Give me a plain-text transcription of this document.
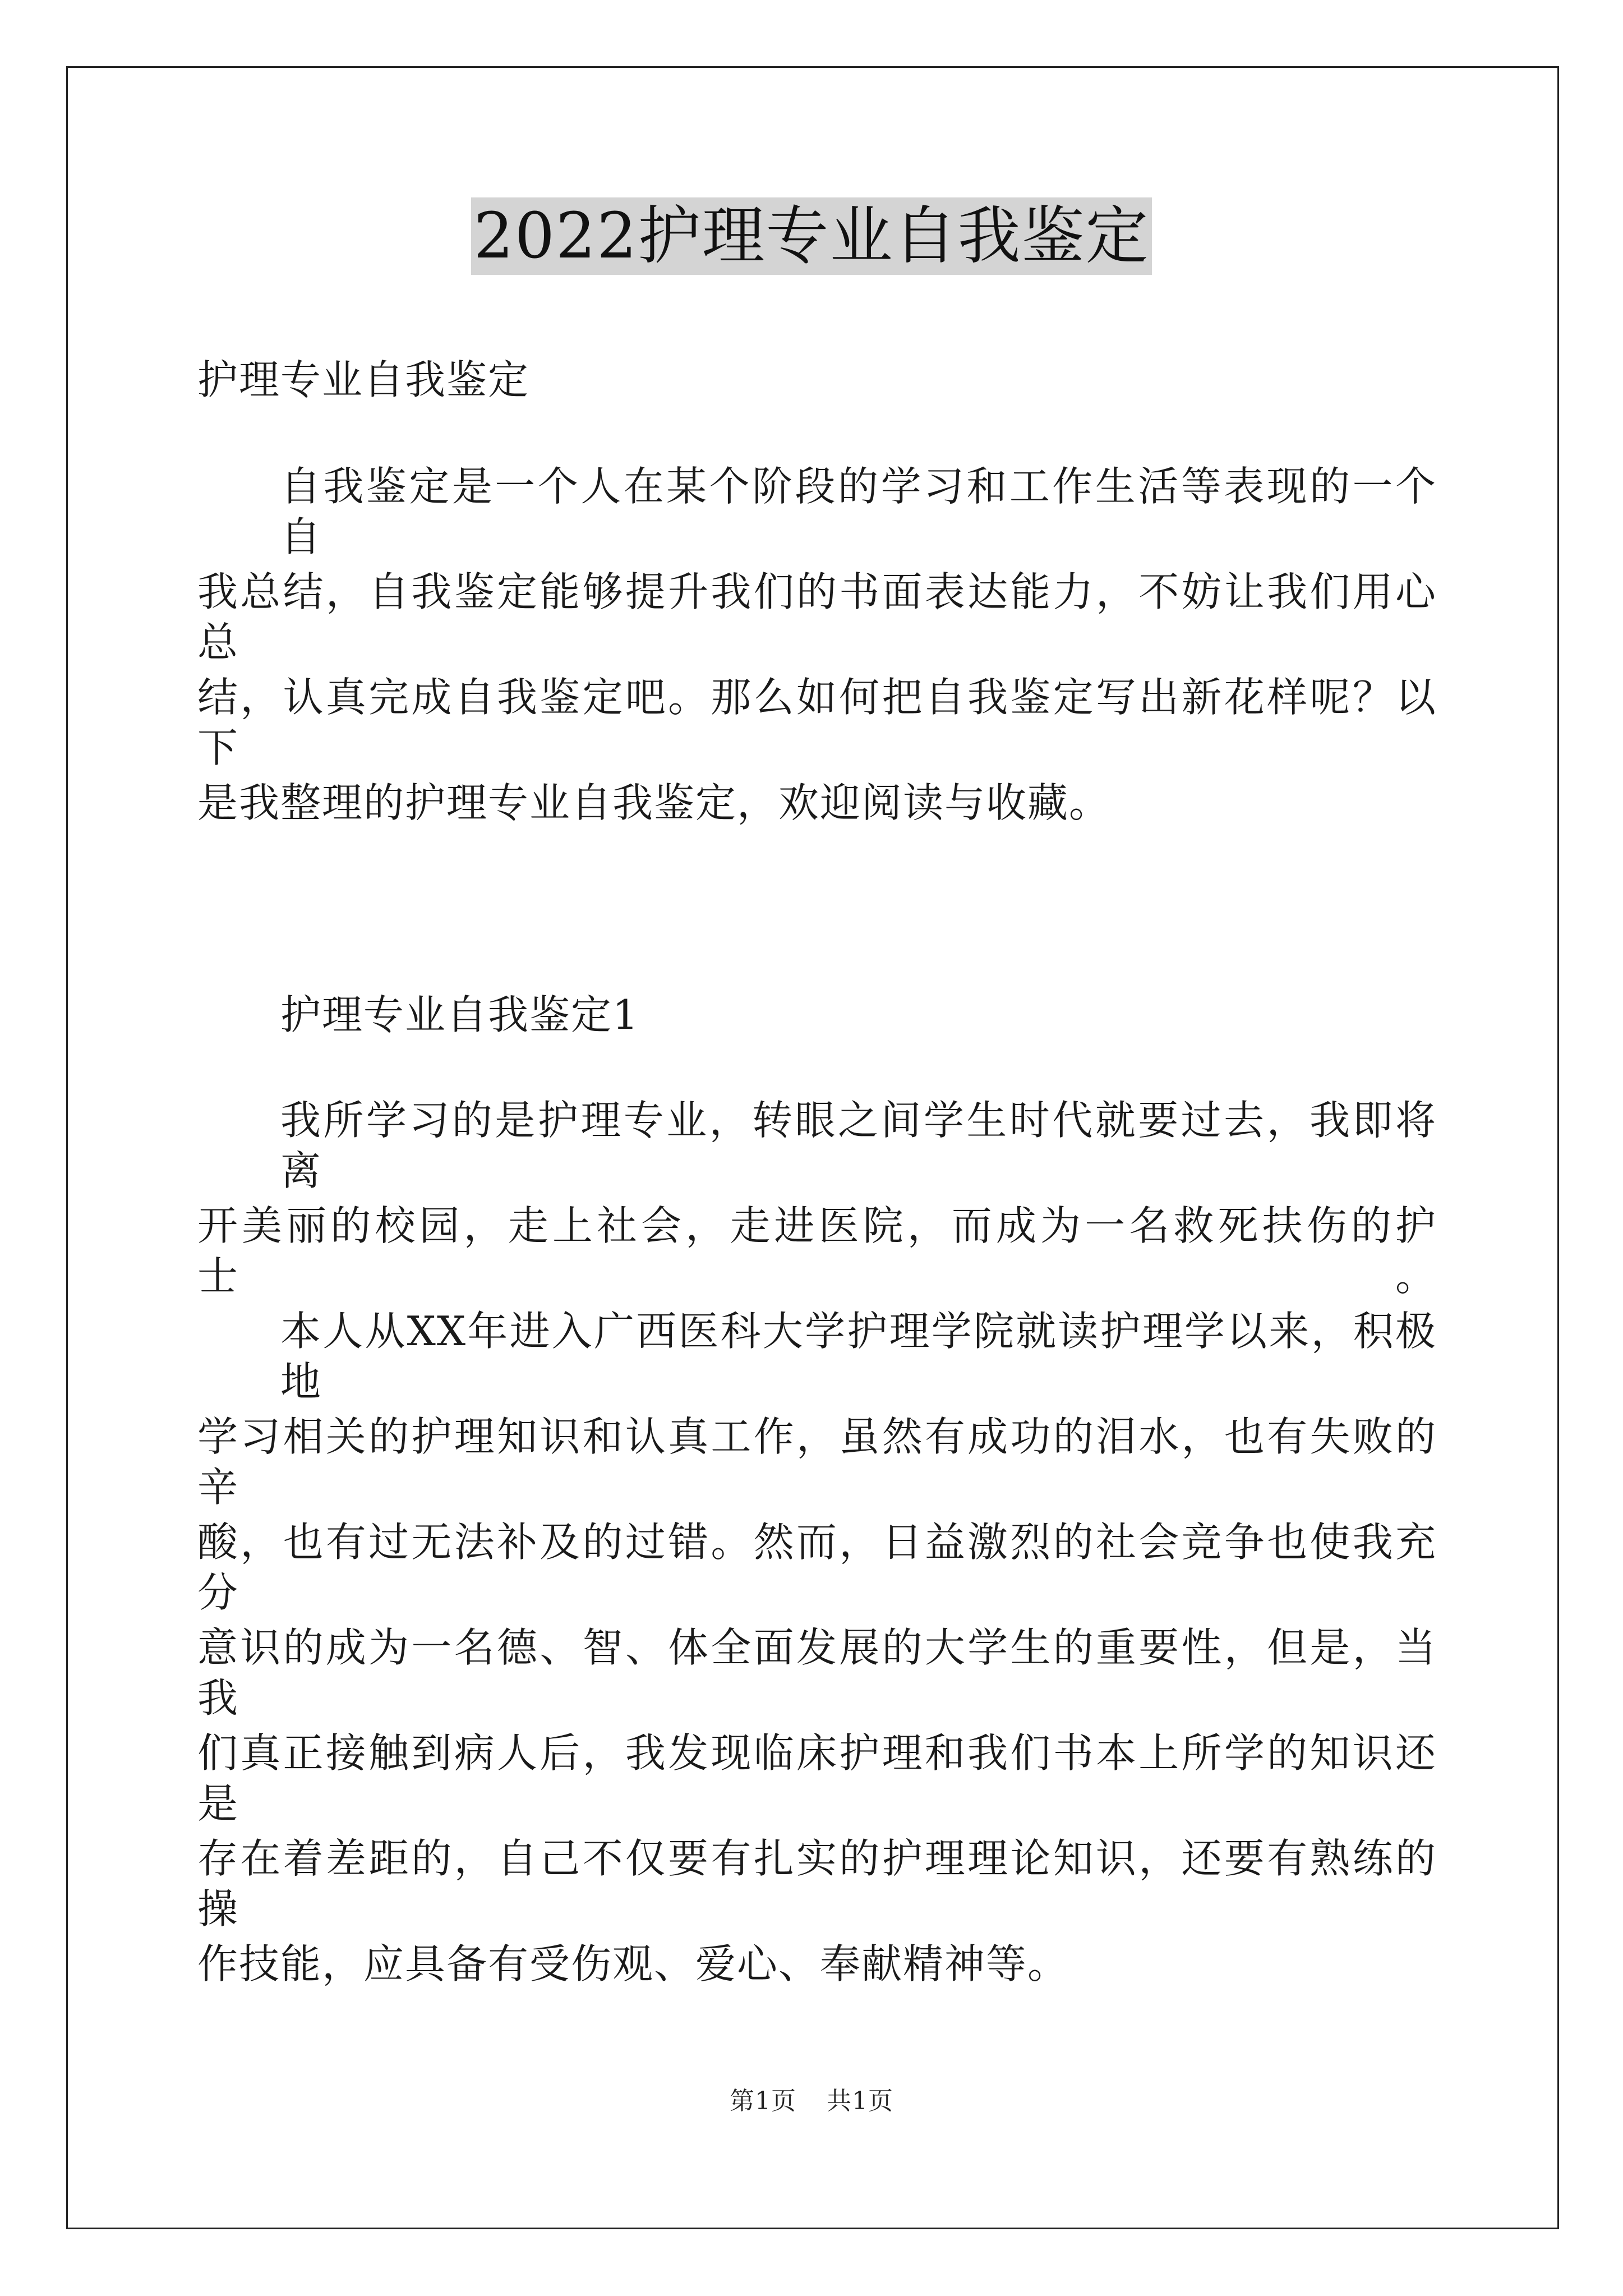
2022护理专业自我鉴定
护理专业自我鉴定
自我鉴定是一个人在某个阶段的学习和工作生活等表现的一个自
我总结，自我鉴定能够提升我们的书面表达能力，不妨让我们用心总
结，认真完成自我鉴定吧。那么如何把自我鉴定写出新花样呢？以下
是我整理的护理专业自我鉴定，欢迎阅读与收藏。
护理专业自我鉴定1
我所学习的是护理专业，转眼之间学生时代就要过去，我即将离
开美丽的校园，走上社会，走进医院，而成为一名救死扶伤的护士。
本人从XX年进入广西医科大学护理学院就读护理学以来，积极地
学习相关的护理知识和认真工作，虽然有成功的泪水，也有失败的辛
酸，也有过无法补及的过错。然而，日益激烈的社会竞争也使我充分
意识的成为一名德、智、体全面发展的大学生的重要性，但是，当我
们真正接触到病人后，我发现临床护理和我们书本上所学的知识还是
存在着差距的，自己不仅要有扎实的护理理论知识，还要有熟练的操
作技能，应具备有受伤观、爱心、奉献精神等。
第1页 共1页
